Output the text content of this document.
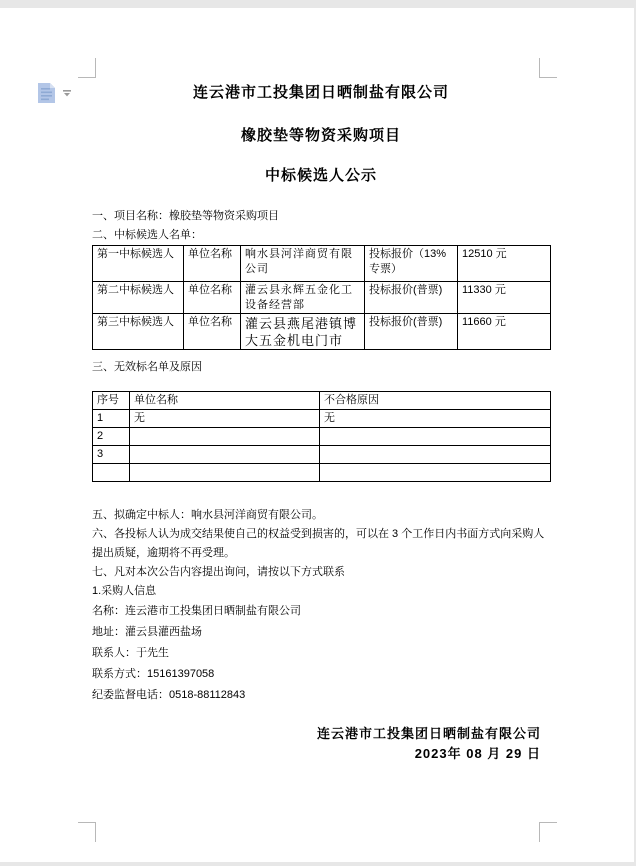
连云港市工投集团日晒制盐有限公司

橡胶垫等物资采购项目

中标候选人公示

一、项目名称：橡胶垫等物资采购项目

二、中标候选人名单：

第一中标候选人	单位名称	响水县河洋商贸有限公司	投标报价（13%专票）	12510 元
第二中标候选人	单位名称	灌云县永辉五金化工设备经营部	投标报价(普票)	11330 元
第三中标候选人	单位名称	灌云县燕尾港镇博大五金机电门市	投标报价(普票)	11660 元

三、无效标名单及原因

序号	单位名称	不合格原因
1	无	无
2		
3		

五、拟确定中标人：响水县河洋商贸有限公司。

六、各投标人认为成交结果使自己的权益受到损害的，可以在 3 个工作日内书面方式向采购人提出质疑，逾期将不再受理。

七、凡对本次公告内容提出询问，请按以下方式联系

1.采购人信息

名称：连云港市工投集团日晒制盐有限公司

地址：灌云县灌西盐场

联系人：于先生

联系方式：15161397058

纪委监督电话：0518-88112843

连云港市工投集团日晒制盐有限公司

2023年 08 月 29 日
